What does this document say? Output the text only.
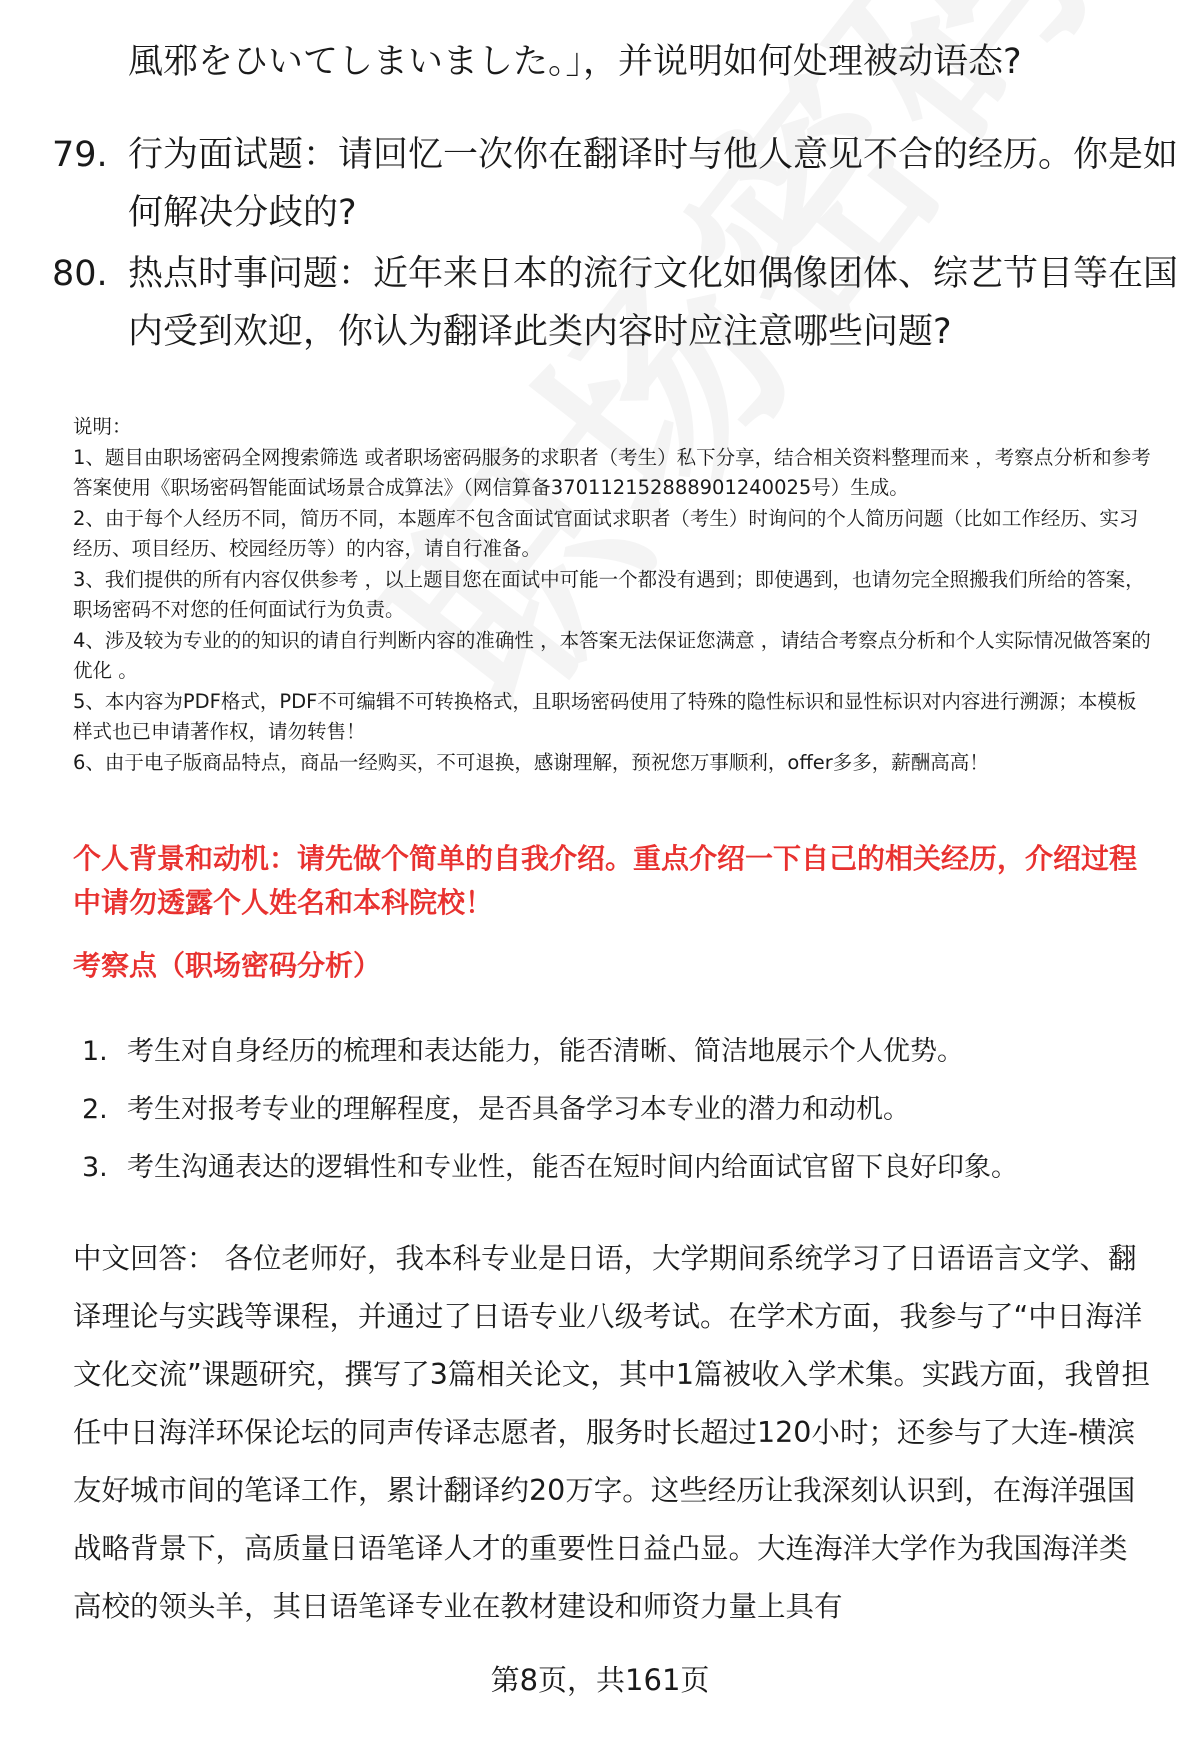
風邪をひいてしまいました。」，并说明如何处理被动语态?
79. 行为面试题：请回忆一次你在翻译时与他人意见不合的经历。你是如何解决分歧的?
80. 热点时事问题：近年来日本的流行文化如偶像团体、综艺节目等在国内受到欢迎，你认为翻译此类内容时应注意哪些问题?

说明：

1、题目由职场密码全网搜索筛选 或者职场密码服务的求职者（考生）私下分享，结合相关资料整理而来 ，考察点分析和参考答案使用《职场密码智能面试场景合成算法》（网信算备370112152888901240025号）生成。

2、由于每个人经历不同，简历不同，本题库不包含面试官面试求职者（考生）时询问的个人简历问题（比如工作经历、实习经历、项目经历、校园经历等）的内容，请自行准备。

3、我们提供的所有内容仅供参考 ，以上题目您在面试中可能一个都没有遇到；即使遇到，也请勿完全照搬我们所给的答案，职场密码不对您的任何面试行为负责。

4、涉及较为专业的的知识的请自行判断内容的准确性 ，本答案无法保证您满意 ，请结合考察点分析和个人实际情况做答案的优化 。

5、本内容为PDF格式，PDF不可编辑不可转换格式，且职场密码使用了特殊的隐性标识和显性标识对内容进行溯源；本模板样式也已申请著作权，请勿转售！

6、由于电子版商品特点，商品一经购买，不可退换，感谢理解，预祝您万事顺利，offer多多，薪酬高高！

个人背景和动机：请先做个简单的自我介绍。重点介绍一下自己的相关经历，介绍过程中请勿透露个人姓名和本科院校！
考察点（职场密码分析）
1. 考生对自身经历的梳理和表达能力，能否清晰、简洁地展示个人优势。
2. 考生对报考专业的理解程度，是否具备学习本专业的潜力和动机。
3. 考生沟通表达的逻辑性和专业性，能否在短时间内给面试官留下良好印象。
中文回答： 各位老师好，我本科专业是日语，大学期间系统学习了日语语言文学、翻译理论与实践等课程，并通过了日语专业八级考试。在学术方面，我参与了“中日海洋文化交流”课题研究，撰写了3篇相关论文，其中1篇被收入学术集。实践方面，我曾担任中日海洋环保论坛的同声传译志愿者，服务时长超过120小时；还参与了大连-横滨友好城市间的笔译工作，累计翻译约20万字。这些经历让我深刻认识到，在海洋强国战略背景下，高质量日语笔译人才的重要性日益凸显。大连海洋大学作为我国海洋类高校的领头羊，其日语笔译专业在教材建设和师资力量上具有
第8页，共161页
